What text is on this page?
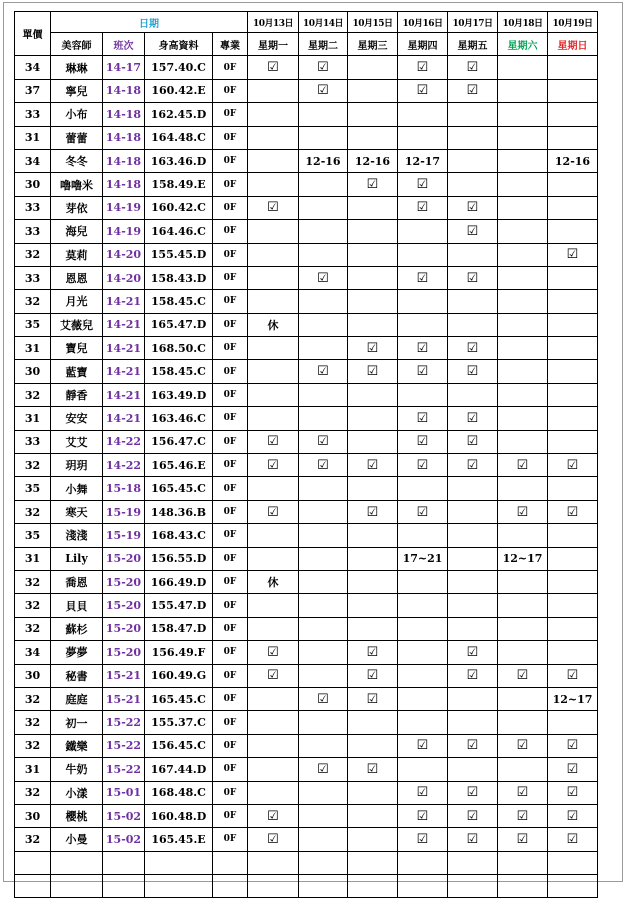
單價	日期				10月13日	10月14日	10月15日	10月16日	10月17日	10月18日	10月19日
	美容師	班次	身高資料	專業	星期一	星期二	星期三	星期四	星期五	星期六	星期日
34	琳琳	14-17	157.40.C	0F	☑	☑		☑	☑		
37	寧兒	14-18	160.42.E	0F		☑		☑	☑		
33	小布	14-18	162.45.D	0F							
31	蕾蕾	14-18	164.48.C	0F							
34	冬冬	14-18	163.46.D	0F		12-16	12-16	12-17			12-16
30	嚕嚕米	14-18	158.49.E	0F			☑	☑			
33	芽依	14-19	160.42.C	0F	☑			☑	☑		
33	海兒	14-19	164.46.C	0F					☑		
32	莫莉	14-20	155.45.D	0F							☑
33	恩恩	14-20	158.43.D	0F		☑		☑	☑		
32	月光	14-21	158.45.C	0F							
35	艾薇兒	14-21	165.47.D	0F	休						
31	寶兒	14-21	168.50.C	0F			☑	☑	☑		
30	藍寶	14-21	158.45.C	0F		☑	☑	☑	☑		
32	靜香	14-21	163.49.D	0F							
31	安安	14-21	163.46.C	0F				☑	☑		
33	艾艾	14-22	156.47.C	0F	☑	☑		☑	☑		
32	玥玥	14-22	165.46.E	0F	☑	☑	☑	☑	☑	☑	☑
35	小舞	15-18	165.45.C	0F							
32	寒天	15-19	148.36.B	0F	☑		☑	☑		☑	☑
35	淺淺	15-19	168.43.C	0F							
31	Lily	15-20	156.55.D	0F				17~21		12~17	
32	喬恩	15-20	166.49.D	0F	休						
32	貝貝	15-20	155.47.D	0F							
32	蘇杉	15-20	158.47.D	0F							
34	夢夢	15-20	156.49.F	0F	☑		☑		☑		
30	秘書	15-21	160.49.G	0F	☑		☑		☑	☑	☑
32	庭庭	15-21	165.45.C	0F		☑	☑				12~17
32	初一	15-22	155.37.C	0F							
32	鐵樂	15-22	156.45.C	0F				☑	☑	☑	☑
31	牛奶	15-22	167.44.D	0F		☑	☑				☑
32	小漾	15-01	168.48.C	0F				☑	☑	☑	☑
30	櫻桃	15-02	160.48.D	0F	☑			☑	☑	☑	☑
32	小曼	15-02	165.45.E	0F	☑			☑	☑	☑	☑
